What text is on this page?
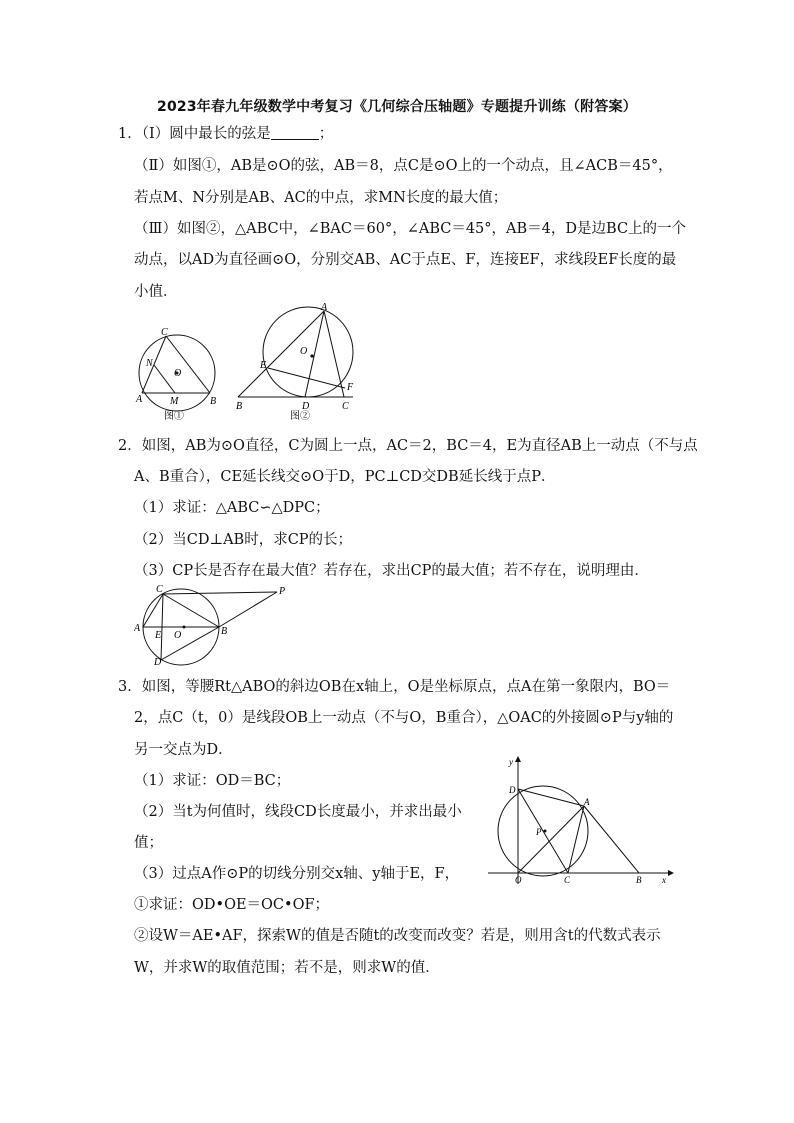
2023年春九年级数学中考复习《几何综合压轴题》专题提升训练（附答案）
1．（I）圆中最长的弦是	；
（Ⅱ）如图①，AB是⊙O的弦，AB＝8，点C是⊙O上的一个动点，且∠ACB＝45°，
若点M、N分别是AB、AC的中点，求MN长度的最大值；
（Ⅲ）如图②，△ABC中，∠BAC＝60°，∠ABC＝45°，AB＝4，D是边BC上的一个
动点，以AD为直径画⊙O，分别交AB、AC于点E、F，连接EF，求线段EF长度的最
小值．
C
N
O
A	M	B
图①
A
O
E
F
B	D	C
图②
2．如图，AB为⊙O直径，C为圆上一点，AC＝2，BC＝4，E为直径AB上一动点（不与点
A、B重合），CE延长线交⊙O于D，PC⊥CD交DB延长线于点P．
（1）求证：△ABC∽△DPC；
（2）当CD⊥AB时，求CP的长；
（3）CP长是否存在最大值？若存在，求出CP的最大值；若不存在，说明理由．
C	P
A
E O	B
D
3．如图，等腰Rt△ABO的斜边OB在x轴上，O是坐标原点，点A在第一象限内，BO＝
2，点C（t，0）是线段OB上一动点（不与O，B重合），△OAC的外接圆⊙P与y轴的
另一交点为D．
（1）求证：OD＝BC；
（2）当t为何值时，线段CD长度最小，并求出最小
值；
（3）过点A作⊙P的切线分别交x轴、y轴于E，F，
①求证：OD•OE＝OC•OF；
②设W＝AE•AF，探索W的值是否随t的改变而改变？若是，则用含t的代数式表示
W，并求W的取值范围；若不是，则求W的值．
y
D
A
P
O	C	B x
